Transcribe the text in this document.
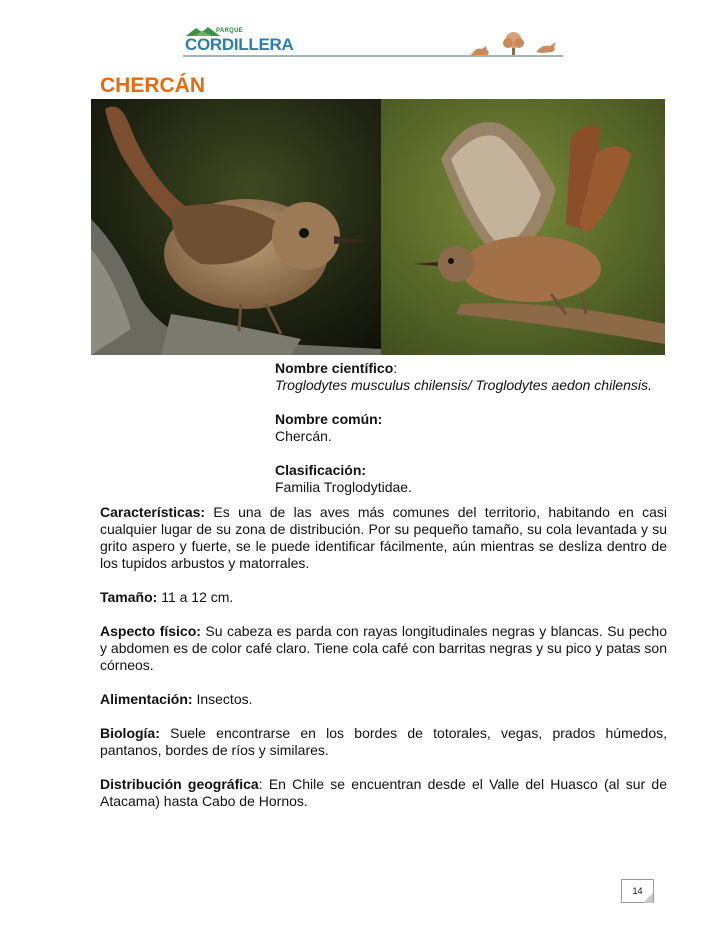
PARQUE
CORDILLERA
CHERCÁN
Nombre científico:
Troglodytes musculus chilensis/ Troglodytes aedon chilensis.
Nombre común:
Chercán.
Clasificación:
Familia Troglodytidae.

Características: Es una de las aves más comunes del territorio, habitando en casi cualquier lugar de su zona de distribución. Por su pequeño tamaño, su cola levantada y su grito aspero y fuerte, se le puede identificar fácilmente, aún mientras se desliza dentro de los tupidos arbustos y matorrales.

Tamaño: 11 a 12 cm.

Aspecto físico: Su cabeza es parda con rayas longitudinales negras y blancas. Su pecho y abdomen es de color café claro. Tiene cola café con barritas negras y su pico y patas son córneos.

Alimentación: Insectos.

Biología: Suele encontrarse en los bordes de totorales, vegas, prados húmedos, pantanos, bordes de ríos y similares.

Distribución geográfica: En Chile se encuentran desde el Valle del Huasco (al sur de Atacama) hasta Cabo de Hornos.

14
